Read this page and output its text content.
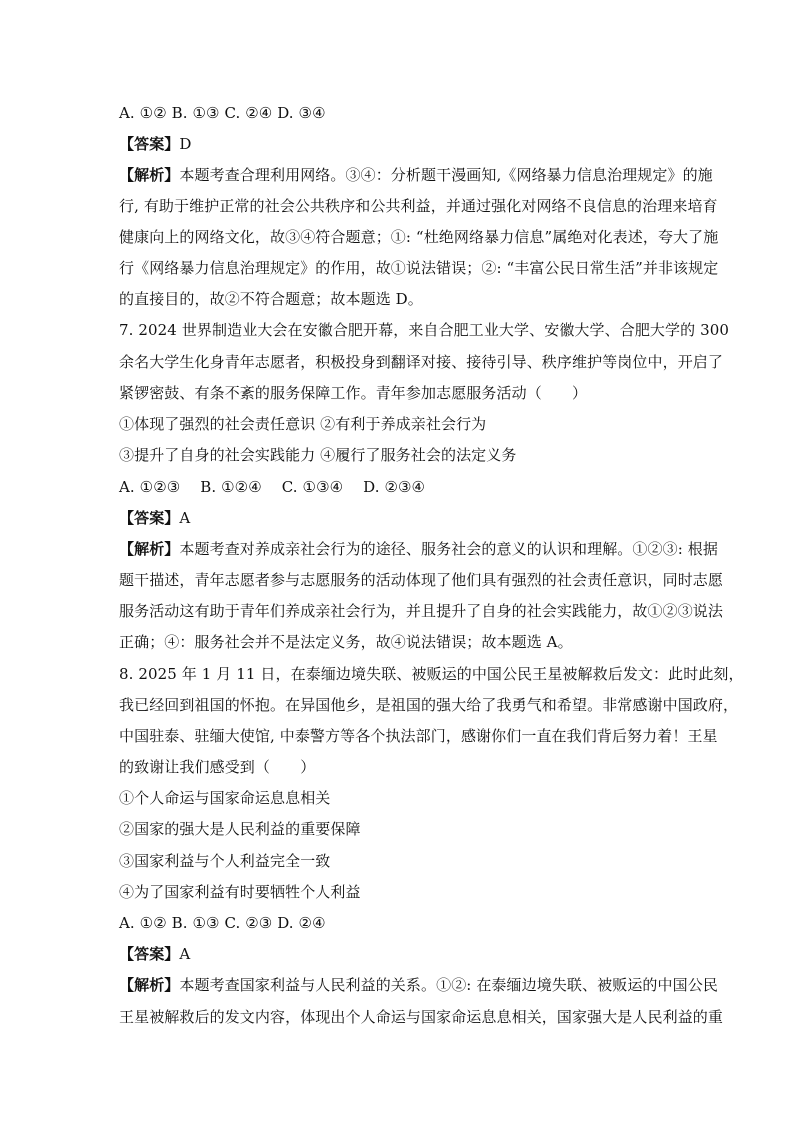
A. ①② B. ①③ C. ②④ D. ③④
【答案】D
【解析】本题考查合理利用网络。③④：分析题干漫画知,《网络暴力信息治理规定》的施
行, 有助于维护正常的社会公共秩序和公共利益，并通过强化对网络不良信息的治理来培育
健康向上的网络文化，故③④符合题意；①: “杜绝网络暴力信息”属绝对化表述，夸大了施
行《网络暴力信息治理规定》的作用，故①说法错误；②: “丰富公民日常生活”并非该规定
的直接目的，故②不符合题意；故本题选 D。
7. 2024 世界制造业大会在安徽合肥开幕，来自合肥工业大学、安徽大学、合肥大学的 300
余名大学生化身青年志愿者，积极投身到翻译对接、接待引导、秩序维护等岗位中，开启了
紧锣密鼓、有条不紊的服务保障工作。青年参加志愿服务活动（　　）
①体现了强烈的社会责任意识 ②有利于养成亲社会行为
③提升了自身的社会实践能力 ④履行了服务社会的法定义务
A. ①②③　 B. ①②④　 C. ①③④　 D. ②③④
【答案】A
【解析】本题考查对养成亲社会行为的途径、服务社会的意义的认识和理解。①②③: 根据
题干描述，青年志愿者参与志愿服务的活动体现了他们具有强烈的社会责任意识，同时志愿
服务活动这有助于青年们养成亲社会行为，并且提升了自身的社会实践能力，故①②③说法
正确；④：服务社会并不是法定义务，故④说法错误；故本题选 A。
8. 2025 年 1 月 11 日，在泰缅边境失联、被贩运的中国公民王星被解救后发文：此时此刻，
我已经回到祖国的怀抱。在异国他乡，是祖国的强大给了我勇气和希望。非常感谢中国政府，
中国驻泰、驻缅大使馆, 中泰警方等各个执法部门，感谢你们一直在我们背后努力着！王星
的致谢让我们感受到（　　）
①个人命运与国家命运息息相关
②国家的强大是人民利益的重要保障
③国家利益与个人利益完全一致
④为了国家利益有时要牺牲个人利益
A. ①② B. ①③ C. ②③ D. ②④
【答案】A
【解析】本题考查国家利益与人民利益的关系。①②: 在泰缅边境失联、被贩运的中国公民
王星被解救后的发文内容，体现出个人命运与国家命运息息相关，国家强大是人民利益的重
